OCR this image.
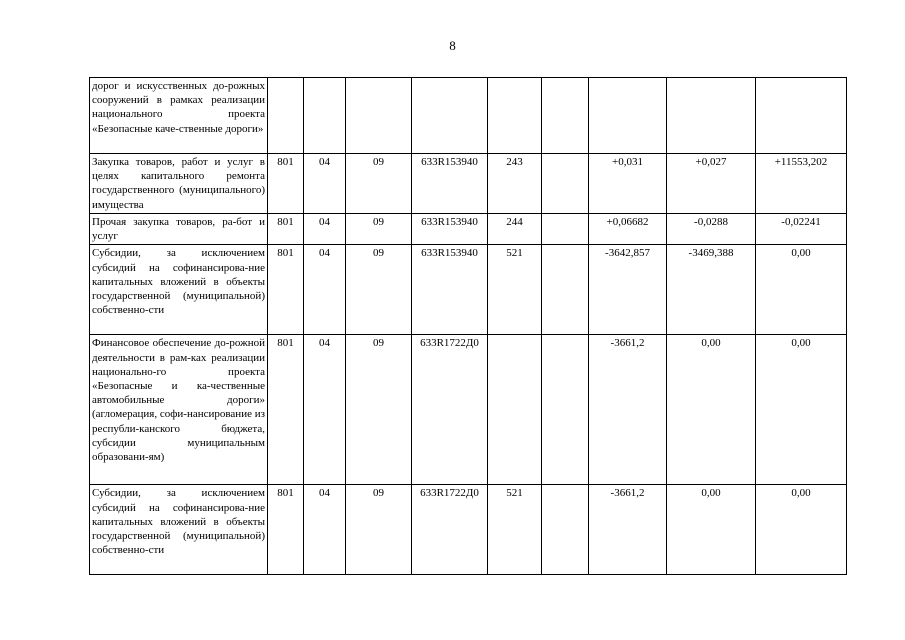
8
дорог и искусственных до-рожных сооружений в рамках реализации национального проекта «Безопасные каче-ственные дороги»									
Закупка товаров, работ и услуг в целях капитального ремонта государственного (муниципального) имущества	801	04	09	633R153940	243		+0,031	+0,027	+11553,202
Прочая закупка товаров, ра-бот и услуг	801	04	09	633R153940	244		+0,06682	-0,0288	-0,02241
Субсидии, за исключением субсидий на софинансирова-ние капитальных вложений в объекты государственной (муниципальной) собственно-сти	801	04	09	633R153940	521		-3642,857	-3469,388	0,00
Финансовое обеспечение до-рожной деятельности в рам-ках реализации национально-го проекта «Безопасные и ка-чественные автомобильные дороги» (агломерация, софи-нансирование из республи-канского бюджета, субсидии муниципальным образовани-ям)	801	04	09	633R1722Д0			-3661,2	0,00	0,00
Субсидии, за исключением субсидий на софинансирова-ние капитальных вложений в объекты государственной (муниципальной) собственно-сти	801	04	09	633R1722Д0	521		-3661,2	0,00	0,00
